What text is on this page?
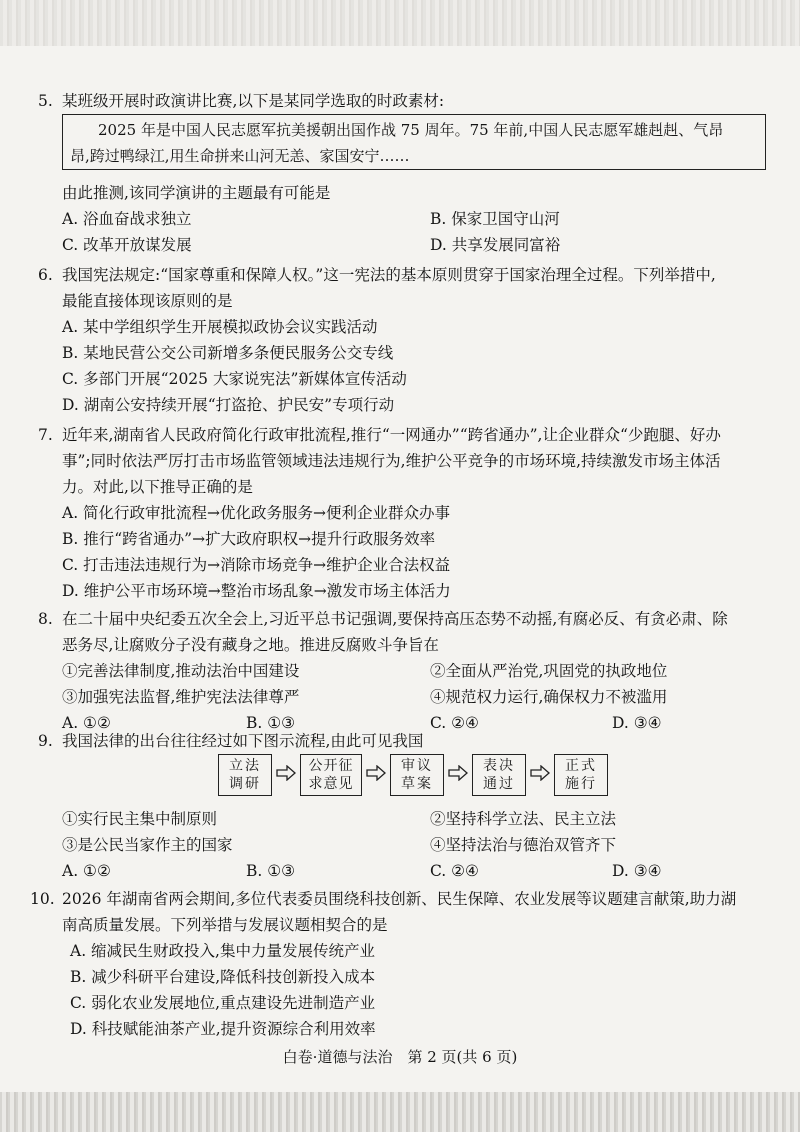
5. 某班级开展时政演讲比赛,以下是某同学选取的时政素材:
2025 年是中国人民志愿军抗美援朝出国作战 75 周年。75 年前,中国人民志愿军雄赳赳、气昂
昂,跨过鸭绿江,用生命拼来山河无恙、家国安宁……
由此推测,该同学演讲的主题最有可能是
A. 浴血奋战求独立	B. 保家卫国守山河
C. 改革开放谋发展	D. 共享发展同富裕
6. 我国宪法规定:“国家尊重和保障人权。”这一宪法的基本原则贯穿于国家治理全过程。下列举措中,
最能直接体现该原则的是
A. 某中学组织学生开展模拟政协会议实践活动
B. 某地民营公交公司新增多条便民服务公交专线
C. 多部门开展“2025 大家说宪法”新媒体宣传活动
D. 湖南公安持续开展“打盗抢、护民安”专项行动
7. 近年来,湖南省人民政府简化行政审批流程,推行“一网通办”“跨省通办”,让企业群众“少跑腿、好办
事”;同时依法严厉打击市场监管领域违法违规行为,维护公平竞争的市场环境,持续激发市场主体活
力。对此,以下推导正确的是
A. 简化行政审批流程→优化政务服务→便利企业群众办事
B. 推行“跨省通办”→扩大政府职权→提升行政服务效率
C. 打击违法违规行为→消除市场竞争→维护企业合法权益
D. 维护公平市场环境→整治市场乱象→激发市场主体活力
8. 在二十届中央纪委五次全会上,习近平总书记强调,要保持高压态势不动摇,有腐必反、有贪必肃、除
恶务尽,让腐败分子没有藏身之地。推进反腐败斗争旨在
①完善法律制度,推动法治中国建设	②全面从严治党,巩固党的执政地位
③加强宪法监督,维护宪法法律尊严	④规范权力运行,确保权力不被滥用
A. ①②	B. ①③	C. ②④	D. ③④
9. 我国法律的出台往往经过如下图示流程,由此可见我国
立法
调研
公开征
求意见
审议
草案
表决
通过
正式
施行
①实行民主集中制原则	②坚持科学立法、民主立法
③是公民当家作主的国家	④坚持法治与德治双管齐下
A. ①②	B. ①③	C. ②④	D. ③④
10. 2026 年湖南省两会期间,多位代表委员围绕科技创新、民生保障、农业发展等议题建言献策,助力湖
南高质量发展。下列举措与发展议题相契合的是
A. 缩减民生财政投入,集中力量发展传统产业
B. 减少科研平台建设,降低科技创新投入成本
C. 弱化农业发展地位,重点建设先进制造产业
D. 科技赋能油茶产业,提升资源综合利用效率
白卷·道德与法治　第 2 页(共 6 页)
